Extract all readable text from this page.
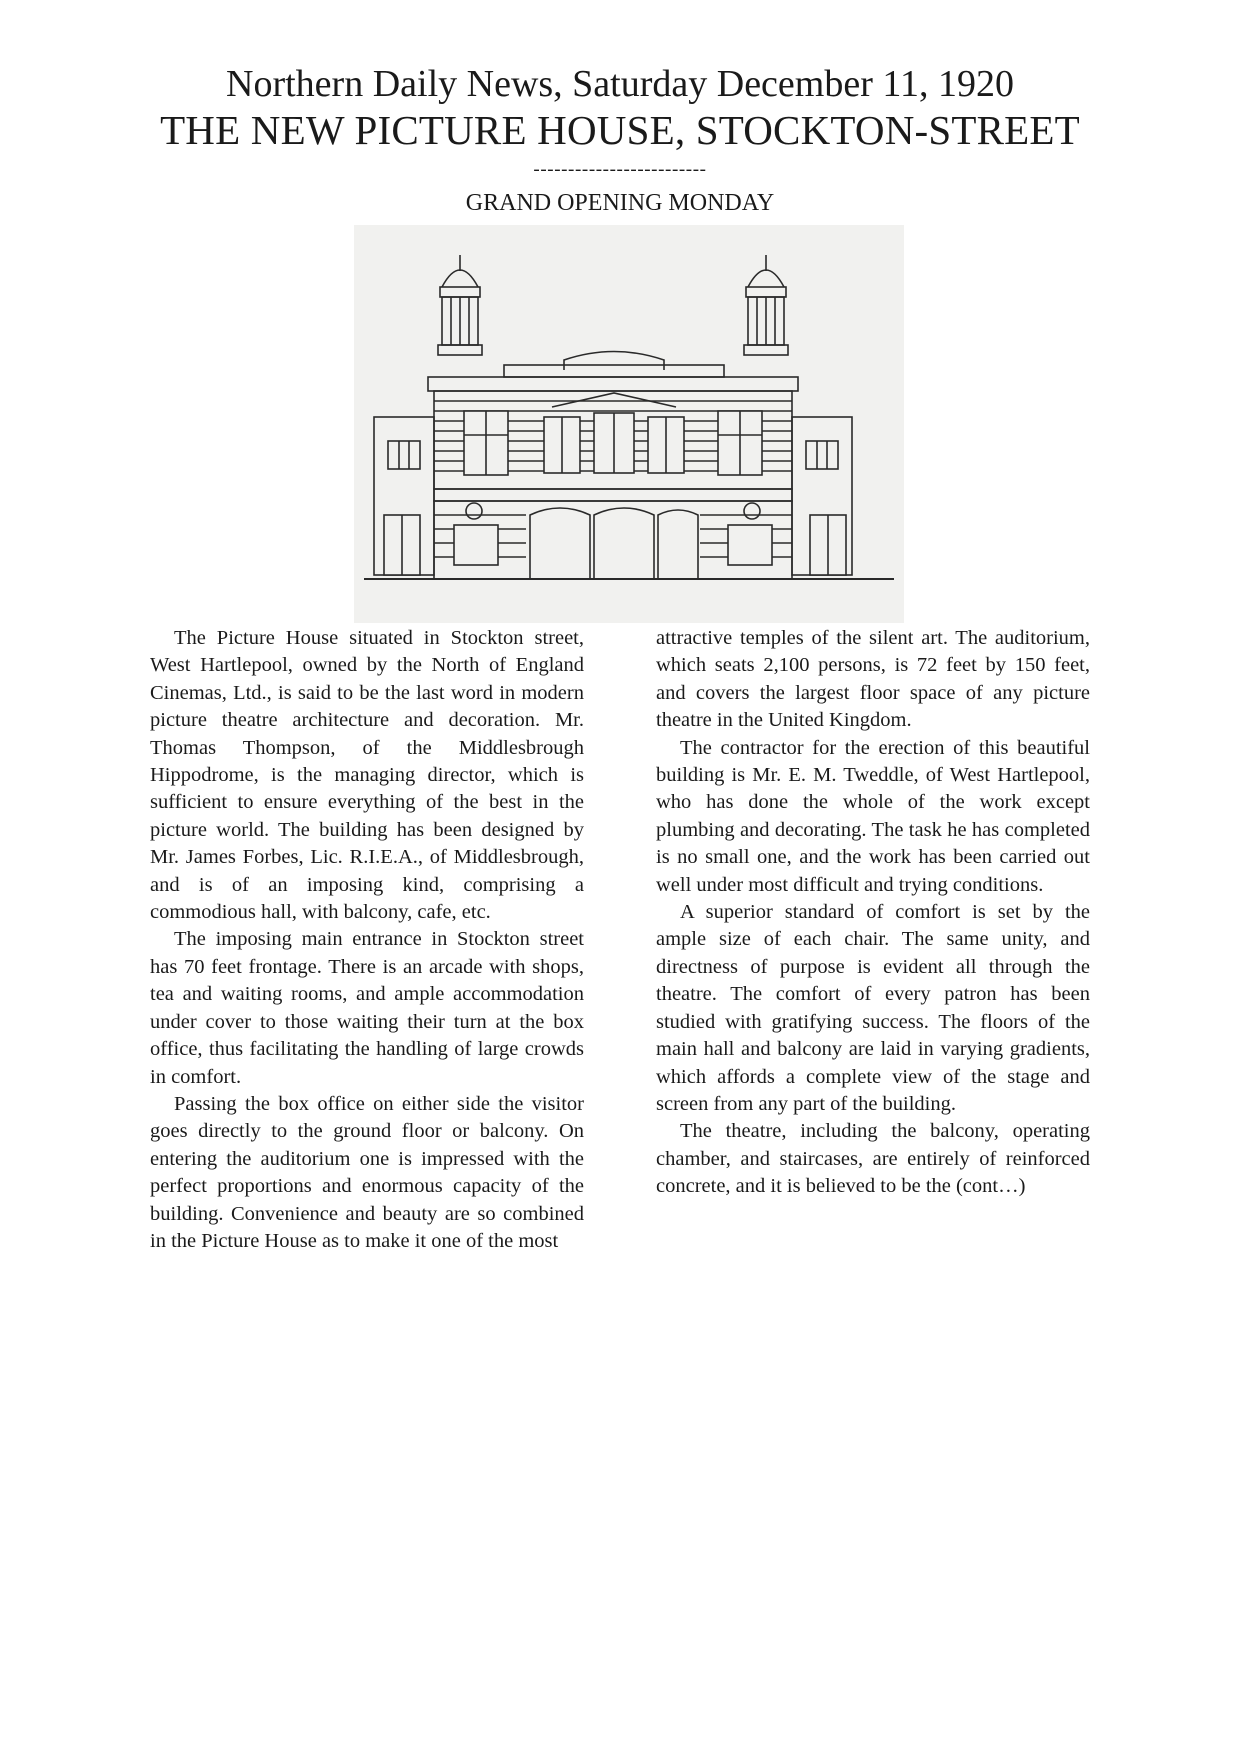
Northern Daily News, Saturday December 11, 1920

THE NEW PICTURE HOUSE, STOCKTON-STREET
-------------------------
GRAND OPENING MONDAY

The Picture House situated in Stockton street, West Hartlepool, owned by the North of England Cinemas, Ltd., is said to be the last word in modern picture theatre architecture and decoration. Mr. Thomas Thompson, of the Middlesbrough Hippodrome, is the managing director, which is sufficient to ensure everything of the best in the picture world. The building has been designed by Mr. James Forbes, Lic. R.I.E.A., of Middlesbrough, and is of an imposing kind, comprising a commodious hall, with balcony, cafe, etc.

The imposing main entrance in Stockton street has 70 feet frontage. There is an arcade with shops, tea and waiting rooms, and ample accommodation under cover to those waiting their turn at the box office, thus facilitating the handling of large crowds in comfort.

Passing the box office on either side the visitor goes directly to the ground floor or balcony. On entering the auditorium one is impressed with the perfect proportions and enormous capacity of the building. Convenience and beauty are so combined in the Picture House as to make it one of the most

attractive temples of the silent art. The auditorium, which seats 2,100 persons, is 72 feet by 150 feet, and covers the largest floor space of any picture theatre in the United Kingdom.

The contractor for the erection of this beautiful building is Mr. E. M. Tweddle, of West Hartlepool, who has done the whole of the work except plumbing and decorating. The task he has completed is no small one, and the work has been carried out well under most difficult and trying conditions.

A superior standard of comfort is set by the ample size of each chair. The same unity, and directness of purpose is evident all through the theatre. The comfort of every patron has been studied with gratifying success. The floors of the main hall and balcony are laid in varying gradients, which affords a complete view of the stage and screen from any part of the building.

The theatre, including the balcony, operating chamber, and staircases, are entirely of reinforced concrete, and it is believed to be the (cont…)
